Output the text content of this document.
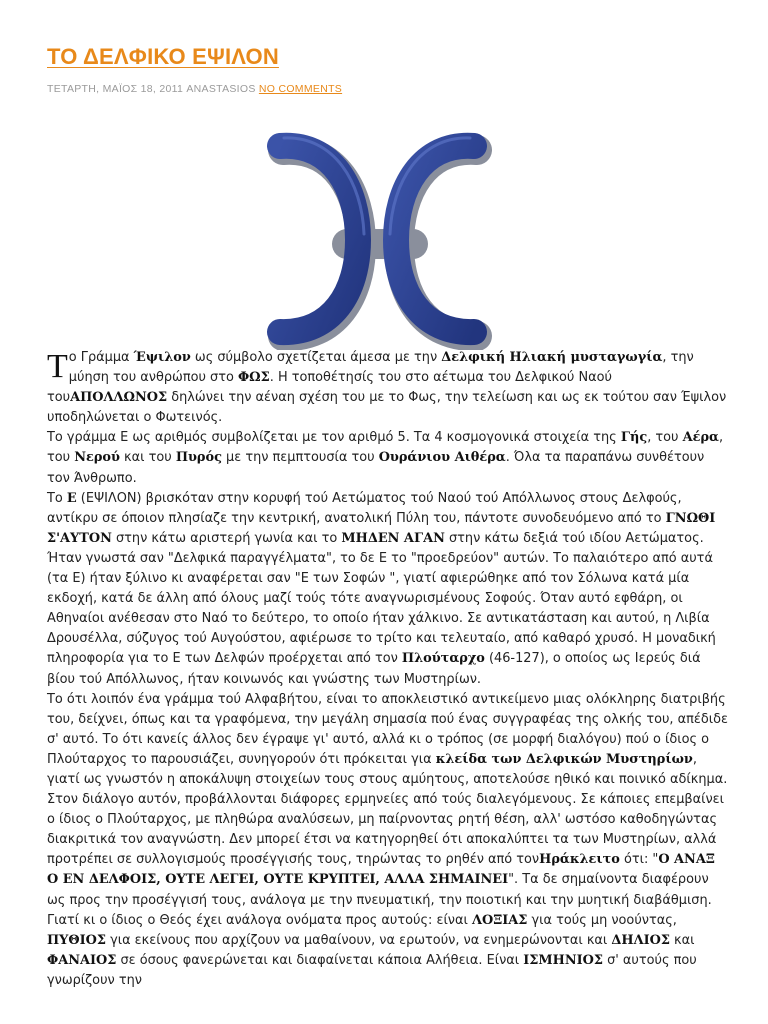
ΤΟ ΔΕΛΦΙΚΟ ΕΨΙΛΟΝ
ΤΕΤΑΡΤΗ, ΜΑΪΟΣ 18, 2011 ANASTASIOS NO COMMENTS

Τ ο Γράμμα Έψιλον ως σύμβολο σχετίζεται άμεσα με την Δελφική Ηλιακή μυσταγωγία, την μύηση του ανθρώπου στο ΦΩΣ. Η τοποθέτησίς του στο αέτωμα του Δελφικού Ναού τουΑΠΟΛΛΩΝΟΣ δηλώνει την αέναη σχέση του με το Φως, την τελείωση και ως εκ τούτου σαν Έψιλον υποδηλώνεται ο Φωτεινός.

Το γράμμα Ε ως αριθμός συμβολίζεται με τον αριθμό 5. Τα 4 κοσμογονικά στοιχεία της Γής, του Αέρα, του Νερού και του Πυρός με την πεμπτουσία του Ουράνιου Αιθέρα. Όλα τα παραπάνω συνθέτουν τον Άνθρωπο.

Το Ε (ΕΨΙΛΟΝ) βρισκόταν στην κορυφή τού Αετώματος τού Ναού τού Απόλλωνος στους Δελφούς, αντίκρυ σε όποιον πλησίαζε την κεντρική, ανατολική Πύλη του, πάντοτε συνοδευόμενο από το ΓΝΩΘΙ Σ'ΑΥΤΟΝ στην κάτω αριστερή γωνία και το ΜΗΔΕΝ ΑΓΑΝ στην κάτω δεξιά τού ιδίου Αετώματος.

Ήταν γνωστά σαν "Δελφικά παραγγέλματα", το δε Ε το "προεδρεύον" αυτών. Το παλαιότερο από αυτά (τα Ε) ήταν ξύλινο κι αναφέρεται σαν "Ε των Σοφών ", γιατί αφιερώθηκε από τον Σόλωνα κατά μία εκδοχή, κατά δε άλλη από όλους μαζί τούς τότε αναγνωρισμένους Σοφούς. Όταν αυτό εφθάρη, οι Αθηναίοι ανέθεσαν στο Ναό το δεύτερο, το οποίο ήταν χάλκινο. Σε αντικατάσταση και αυτού, η Λιβία Δρουσέλλα, σύζυγος τού Αυγούστου, αφιέρωσε το τρίτο και τελευταίο, από καθαρό χρυσό. Η μοναδική πληροφορία για το Ε των Δελφών προέρχεται από τον Πλούταρχο (46-127), ο οποίος ως Ιερεύς διά βίου τού Απόλλωνος, ήταν κοινωνός και γνώστης των Μυστηρίων.

Το ότι λοιπόν ένα γράμμα τού Αλφαβήτου, είναι το αποκλειστικό αντικείμενο μιας ολόκληρης διατριβής του, δείχνει, όπως και τα γραφόμενα, την μεγάλη σημασία πού ένας συγγραφέας της ολκής του, απέδιδε σ' αυτό. Το ότι κανείς άλλος δεν έγραψε γι' αυτό, αλλά κι ο τρόπος (σε μορφή διαλόγου) πού ο ίδιος ο Πλούταρχος το παρουσιάζει, συνηγορούν ότι πρόκειται για κλείδα των Δελφικών Μυστηρίων, γιατί ως γνωστόν η αποκάλυψη στοιχείων τους στους αμύητους, αποτελούσε ηθικό και ποινικό αδίκημα.

Στον διάλογο αυτόν, προβάλλονται διάφορες ερμηνείες από τούς διαλεγόμενους. Σε κάποιες επεμβαίνει ο ίδιος ο Πλούταρχος, με πληθώρα αναλύσεων, μη παίρνοντας ρητή θέση, αλλ' ωστόσο καθοδηγώντας διακριτικά τον αναγνώστη. Δεν μπορεί έτσι να κατηγορηθεί ότι αποκαλύπτει τα των Μυστηρίων, αλλά προτρέπει σε συλλογισμούς προσέγγισής τους, τηρώντας το ρηθέν από τονΗράκλειτο ότι: "Ο ΑΝΑΞ Ο ΕΝ ΔΕΛΦΟΙΣ, ΟΥΤΕ ΛΕΓΕΙ, ΟΥΤΕ ΚΡΥΠΤΕΙ, ΑΛΛΑ ΣΗΜΑΙΝΕΙ". Τα δε σημαίνοντα διαφέρουν ως προς την προσέγγισή τους, ανάλογα με την πνευματική, την ποιοτική και την μυητική διαβάθμιση. Γιατί κι ο ίδιος ο Θεός έχει ανάλογα ονόματα προς αυτούς: είναι ΛΟΞΙΑΣ για τούς μη νοούντας, ΠΥΘΙΟΣ για εκείνους που αρχίζουν να μαθαίνουν, να ερωτούν, να ενημερώνονται και ΔΗΛΙΟΣ και ΦΑΝΑΙΟΣ σε όσους φανερώνεται και διαφαίνεται κάποια Αλήθεια. Είναι ΙΣΜΗΝΙΟΣ σ' αυτούς που γνωρίζουν την
